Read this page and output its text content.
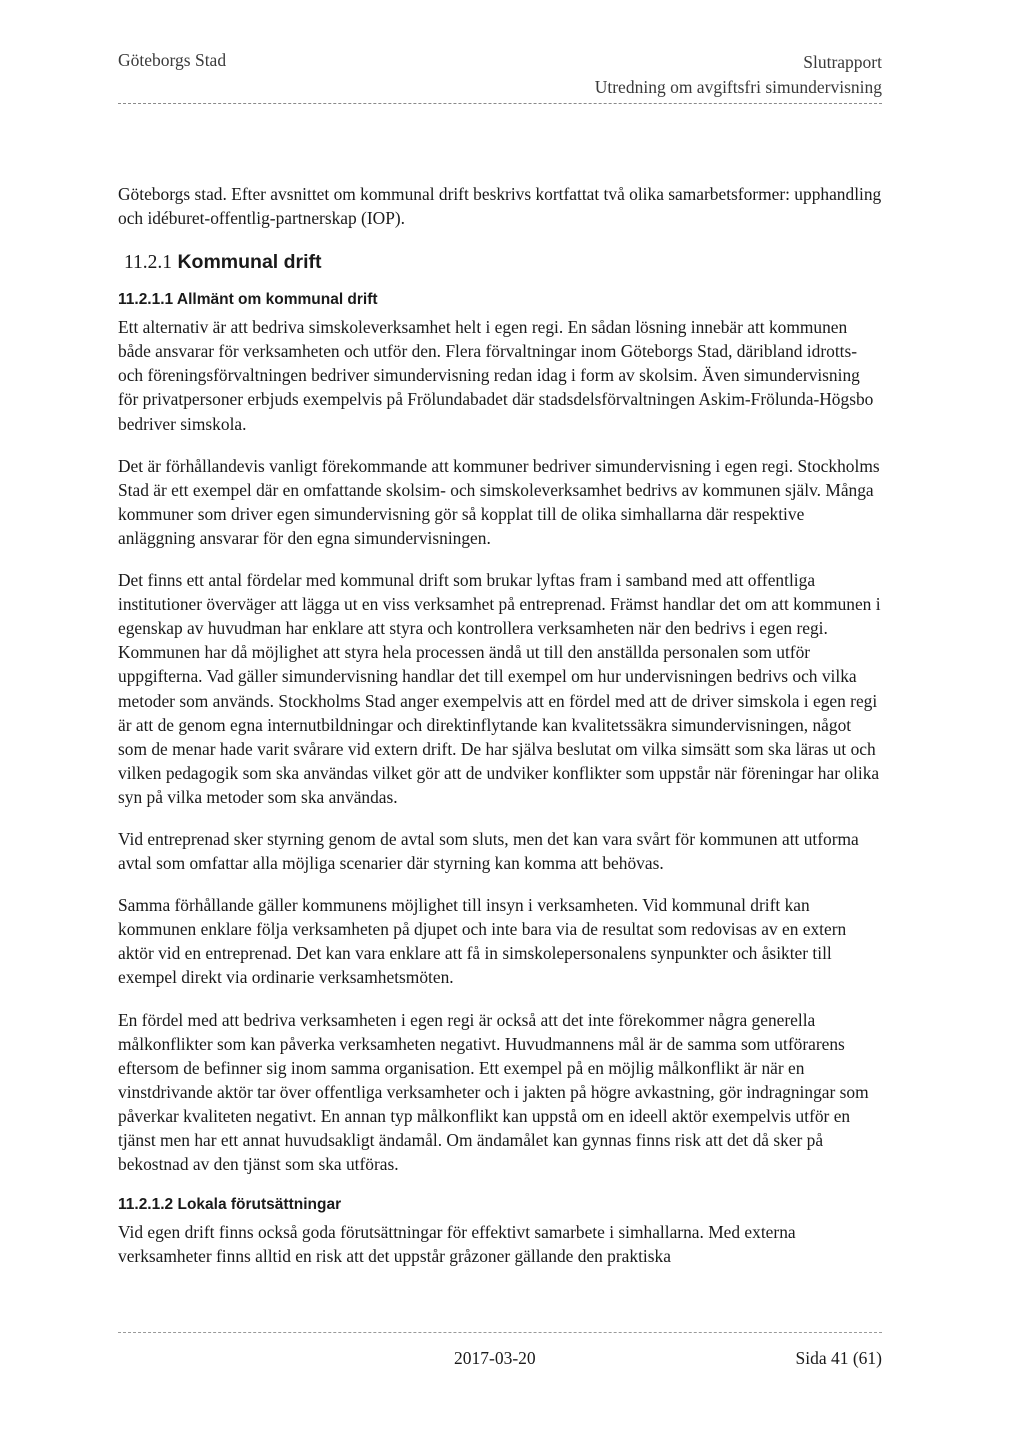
Göteborgs Stad	Slutrapport
Utredning om avgiftsfri simundervisning

Göteborgs stad. Efter avsnittet om kommunal drift beskrivs kortfattat två olika samarbetsformer: upphandling och idéburet-offentlig-partnerskap (IOP).

11.2.1 Kommunal drift
11.2.1.1 Allmänt om kommunal drift

Ett alternativ är att bedriva simskoleverksamhet helt i egen regi. En sådan lösning innebär att kommunen både ansvarar för verksamheten och utför den. Flera förvaltningar inom Göteborgs Stad, däribland idrotts- och föreningsförvaltningen bedriver simundervisning redan idag i form av skolsim. Även simundervisning för privatpersoner erbjuds exempelvis på Frölundabadet där stadsdelsförvaltningen Askim-Frölunda-Högsbo bedriver simskola.

Det är förhållandevis vanligt förekommande att kommuner bedriver simundervisning i egen regi. Stockholms Stad är ett exempel där en omfattande skolsim- och simskoleverksamhet bedrivs av kommunen själv. Många kommuner som driver egen simundervisning gör så kopplat till de olika simhallarna där respektive anläggning ansvarar för den egna simundervisningen.

Det finns ett antal fördelar med kommunal drift som brukar lyftas fram i samband med att offentliga institutioner överväger att lägga ut en viss verksamhet på entreprenad. Främst handlar det om att kommunen i egenskap av huvudman har enklare att styra och kontrollera verksamheten när den bedrivs i egen regi. Kommunen har då möjlighet att styra hela processen ändå ut till den anställda personalen som utför uppgifterna. Vad gäller simundervisning handlar det till exempel om hur undervisningen bedrivs och vilka metoder som används. Stockholms Stad anger exempelvis att en fördel med att de driver simskola i egen regi är att de genom egna internutbildningar och direktinflytande kan kvalitetssäkra simundervisningen, något som de menar hade varit svårare vid extern drift. De har själva beslutat om vilka simsätt som ska läras ut och vilken pedagogik som ska användas vilket gör att de undviker konflikter som uppstår när föreningar har olika syn på vilka metoder som ska användas.

Vid entreprenad sker styrning genom de avtal som sluts, men det kan vara svårt för kommunen att utforma avtal som omfattar alla möjliga scenarier där styrning kan komma att behövas.

Samma förhållande gäller kommunens möjlighet till insyn i verksamheten. Vid kommunal drift kan kommunen enklare följa verksamheten på djupet och inte bara via de resultat som redovisas av en extern aktör vid en entreprenad. Det kan vara enklare att få in simskolepersonalens synpunkter och åsikter till exempel direkt via ordinarie verksamhetsmöten.

En fördel med att bedriva verksamheten i egen regi är också att det inte förekommer några generella målkonflikter som kan påverka verksamheten negativt. Huvudmannens mål är de samma som utförarens eftersom de befinner sig inom samma organisation. Ett exempel på en möjlig målkonflikt är när en vinstdrivande aktör tar över offentliga verksamheter och i jakten på högre avkastning, gör indragningar som påverkar kvaliteten negativt. En annan typ målkonflikt kan uppstå om en ideell aktör exempelvis utför en tjänst men har ett annat huvudsakligt ändamål. Om ändamålet kan gynnas finns risk att det då sker på bekostnad av den tjänst som ska utföras.

11.2.1.2 Lokala förutsättningar

Vid egen drift finns också goda förutsättningar för effektivt samarbete i simhallarna. Med externa verksamheter finns alltid en risk att det uppstår gråzoner gällande den praktiska

2017-03-20	Sida 41 (61)
